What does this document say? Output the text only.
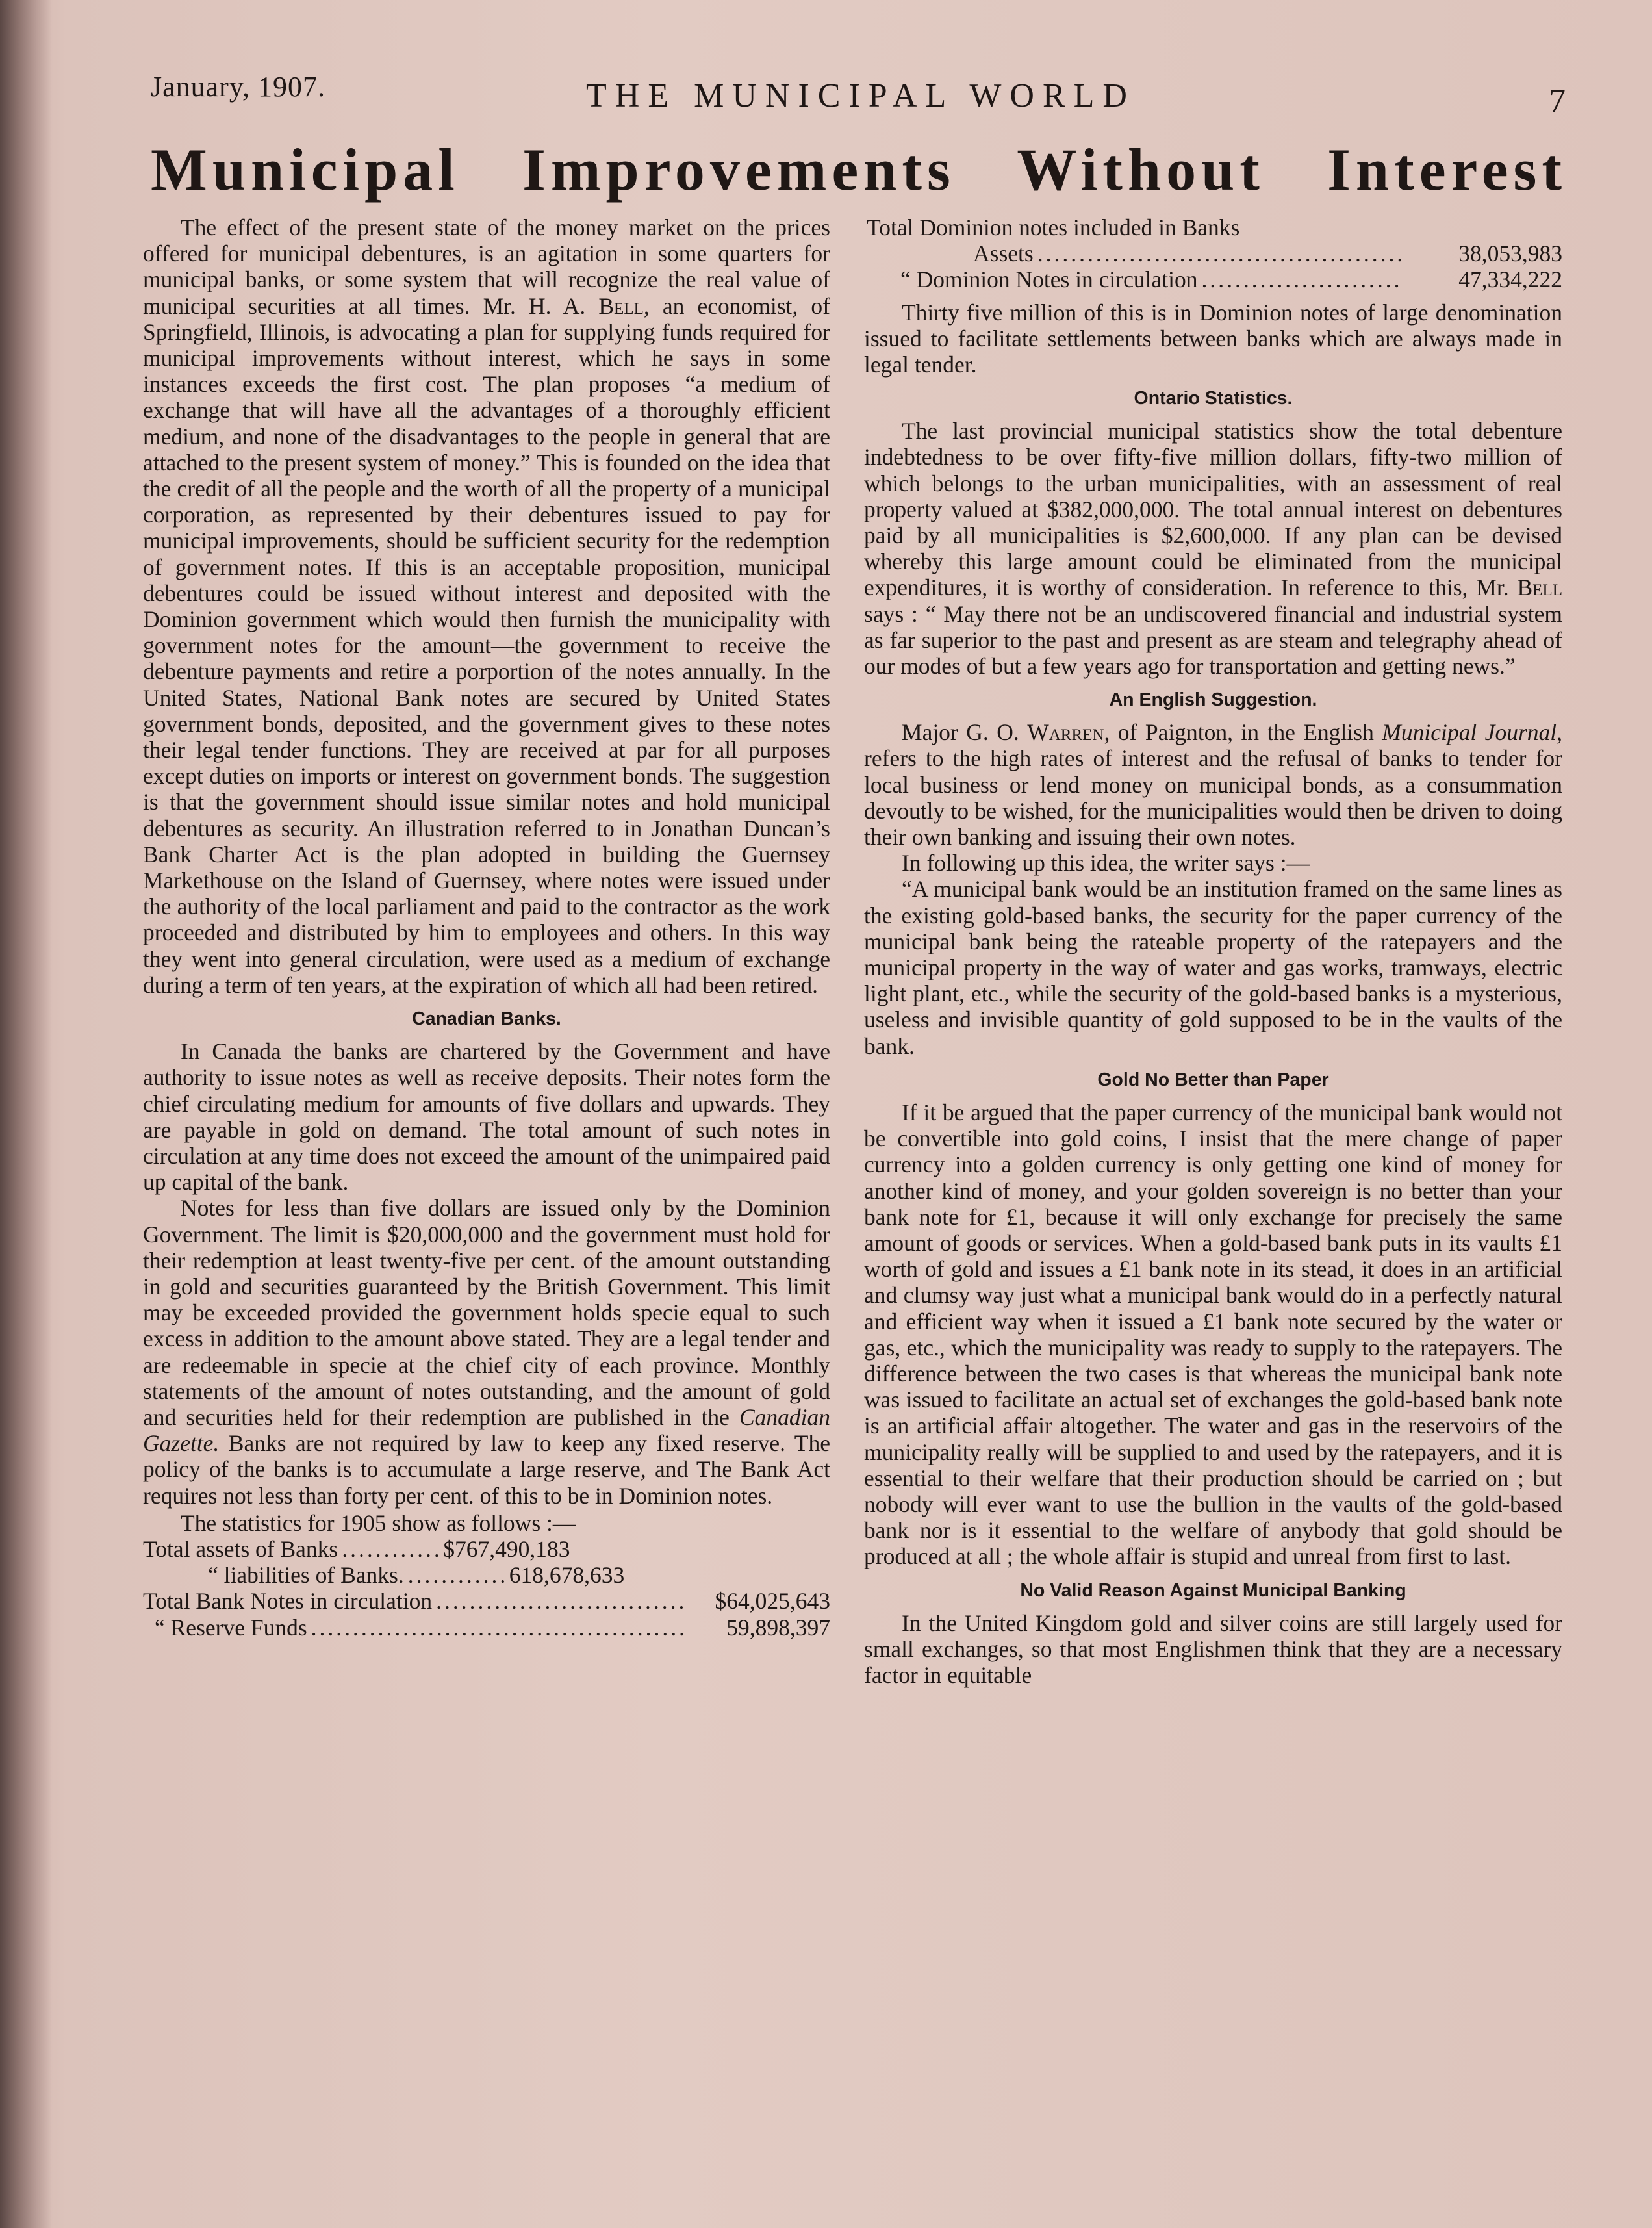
January, 1907.	THE MUNICIPAL WORLD	7
Municipal Improvements Without Interest

The effect of the present state of the money market on the prices offered for municipal debentures, is an agitation in some quarters for municipal banks, or some system that will recognize the real value of municipal securities at all times. Mr. H. A. Bell, an economist, of Springfield, Illinois, is advocating a plan for supplying funds required for municipal improvements without interest, which he says in some instances exceeds the first cost. The plan proposes “a medium of exchange that will have all the advantages of a thoroughly efficient medium, and none of the disadvantages to the people in general that are attached to the present system of money.” This is founded on the idea that the credit of all the people and the worth of all the property of a municipal corporation, as represented by their debentures issued to pay for municipal improvements, should be sufficient security for the redemption of government notes. If this is an acceptable proposition, municipal debentures could be issued without interest and deposited with the Dominion government which would then furnish the municipality with government notes for the amount—the government to receive the debenture payments and retire a porportion of the notes annually. In the United States, National Bank notes are secured by United States government bonds, deposited, and the government gives to these notes their legal tender functions. They are received at par for all purposes except duties on imports or interest on government bonds. The suggestion is that the government should issue similar notes and hold municipal debentures as security. An illustration referred to in Jonathan Duncan’s Bank Charter Act is the plan adopted in building the Guernsey Markethouse on the Island of Guernsey, where notes were issued under the authority of the local parliament and paid to the contractor as the work proceeded and distributed by him to employees and others. In this way they went into general circulation, were used as a medium of exchange during a term of ten years, at the expiration of which all had been retired.

Canadian Banks.

In Canada the banks are chartered by the Government and have authority to issue notes as well as receive deposits. Their notes form the chief circulating medium for amounts of five dollars and upwards. They are payable in gold on demand. The total amount of such notes in circulation at any time does not exceed the amount of the unimpaired paid up capital of the bank.

Notes for less than five dollars are issued only by the Dominion Government. The limit is $20,000,000 and the government must hold for their redemption at least twenty-five per cent. of the amount outstanding in gold and securities guaranteed by the British Government. This limit may be exceeded provided the government holds specie equal to such excess in addition to the amount above stated. They are a legal tender and are redeemable in specie at the chief city of each province. Monthly statements of the amount of notes outstanding, and the amount of gold and securities held for their redemption are published in the Canadian Gazette. Banks are not required by law to keep any fixed reserve. The policy of the banks is to accumulate a large reserve, and The Bank Act requires not less than forty per cent. of this to be in Dominion notes.

The statistics for 1905 show as follows :—

Total assets of Banks .....	$767,490,183
“ liabilities of Banks. .....	618,678,633
Total Bank Notes in circulation .....	$64,025,643
“ Reserve Funds .....	59,898,397
Total Dominion notes included in Banks
Assets .....	38,053,983
“ Dominion Notes in circulation .....	47,334,222

Thirty five million of this is in Dominion notes of large denomination issued to facilitate settlements between banks which are always made in legal tender.

Ontario Statistics.

The last provincial municipal statistics show the total debenture indebtedness to be over fifty-five million dollars, fifty-two million of which belongs to the urban municipalities, with an assessment of real property valued at $382,000,000. The total annual interest on debentures paid by all municipalities is $2,600,000. If any plan can be devised whereby this large amount could be eliminated from the municipal expenditures, it is worthy of consideration. In reference to this, Mr. Bell says : “ May there not be an undiscovered financial and industrial system as far superior to the past and present as are steam and telegraphy ahead of our modes of but a few years ago for transportation and getting news.”

An English Suggestion.

Major G. O. Warren, of Paignton, in the English Municipal Journal, refers to the high rates of interest and the refusal of banks to tender for local business or lend money on municipal bonds, as a consummation devoutly to be wished, for the municipalities would then be driven to doing their own banking and issuing their own notes.

In following up this idea, the writer says :—

“A municipal bank would be an institution framed on the same lines as the existing gold-based banks, the security for the paper currency of the municipal bank being the rateable property of the ratepayers and the municipal property in the way of water and gas works, tramways, electric light plant, etc., while the security of the gold-based banks is a mysterious, useless and invisible quantity of gold supposed to be in the vaults of the bank.

Gold No Better than Paper

If it be argued that the paper currency of the municipal bank would not be convertible into gold coins, I insist that the mere change of paper currency into a golden currency is only getting one kind of money for another kind of money, and your golden sovereign is no better than your bank note for £1, because it will only exchange for precisely the same amount of goods or services. When a gold-based bank puts in its vaults £1 worth of gold and issues a £1 bank note in its stead, it does in an artificial and clumsy way just what a municipal bank would do in a perfectly natural and efficient way when it issued a £1 bank note secured by the water or gas, etc., which the municipality was ready to supply to the ratepayers. The difference between the two cases is that whereas the municipal bank note was issued to facilitate an actual set of exchanges the gold-based bank note is an artificial affair altogether. The water and gas in the reservoirs of the municipality really will be supplied to and used by the ratepayers, and it is essential to their welfare that their production should be carried on ; but nobody will ever want to use the bullion in the vaults of the gold-based bank nor is it essential to the welfare of anybody that gold should be produced at all ; the whole affair is stupid and unreal from first to last.

No Valid Reason Against Municipal Banking

In the United Kingdom gold and silver coins are still largely used for small exchanges, so that most Englishmen think that they are a necessary factor in equitable
